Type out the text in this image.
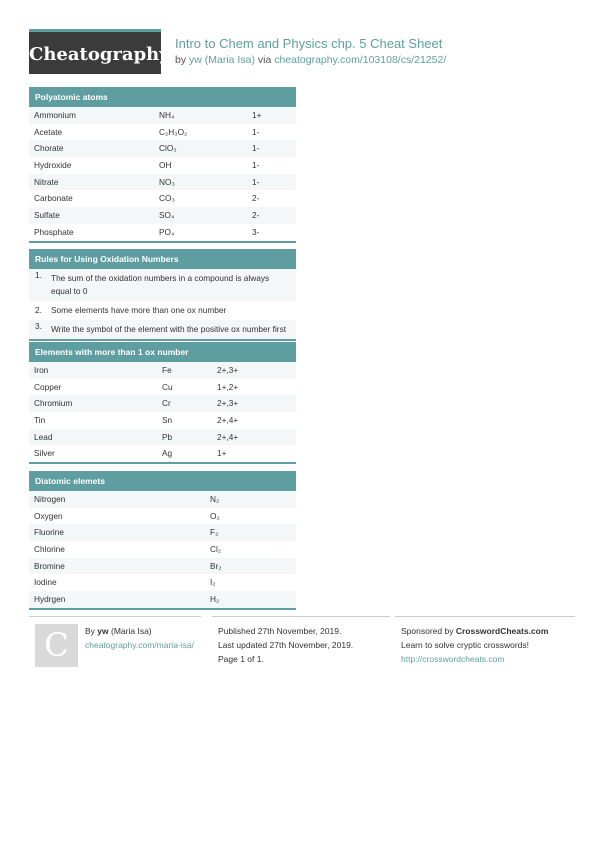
Cheatography
Intro to Chem and Physics chp. 5 Cheat Sheet
by yw (Maria Isa) via cheatography.com/103108/cs/21252/
Polyatomic atoms
Ammonium	NH₄	1+
Acetate	C₂H₃O₂	1-
Chorate	ClO₃	1-
Hydroxide	OH	1-
Nitrate	NO₃	1-
Carbonate	CO₃	2-
Sulfate	SO₄	2-
Phosphate	PO₄	3-
Rules for Using Oxidation Numbers
1. The sum of the oxidation numbers in a compound is always equal to 0
2. Some elements have more than one ox number
3. Write the symbol of the element with the positive ox number first
Elements with more than 1 ox number
Iron	Fe	2+,3+
Copper	Cu	1+,2+
Chromium	Cr	2+,3+
Tin	Sn	2+,4+
Lead	Pb	2+,4+
Silver	Ag	1+
Diatomic elemets
Nitrogen	N₂
Oxygen	O₂
Fluorine	F₂
Chlorine	Cl₂
Bromine	Br₂
Iodine	I₂
Hydrgen	H₂
C	By yw (Maria Isa)
cheatography.com/maria-isa/
Published 27th November, 2019.
Last updated 27th November, 2019.
Page 1 of 1.
Sponsored by CrosswordCheats.com
Learn to solve cryptic crosswords!
http://crosswordcheats.com
